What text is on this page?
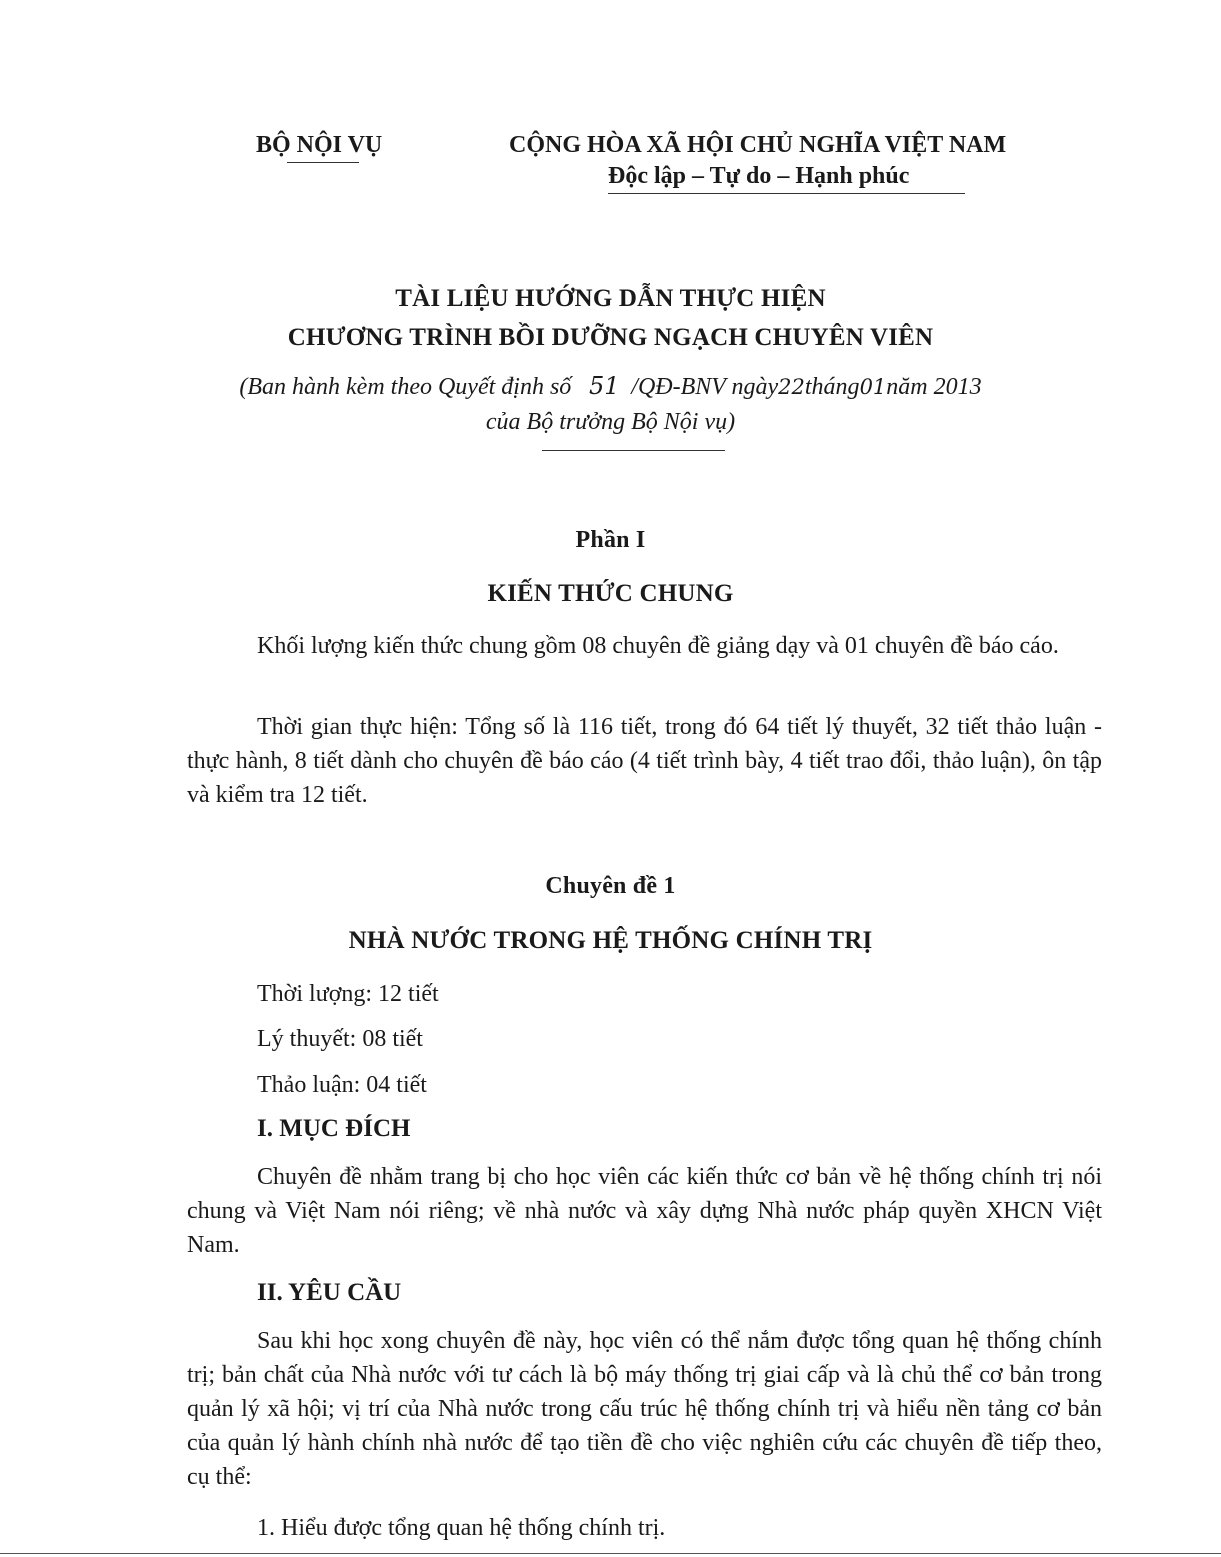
BỘ NỘI VỤ	CỘNG HÒA XÃ HỘI CHỦ NGHĨA VIỆT NAM
Độc lập – Tự do – Hạnh phúc
TÀI LIỆU HƯỚNG DẪN THỰC HIỆN
CHƯƠNG TRÌNH BỒI DƯỠNG NGẠCH CHUYÊN VIÊN
(Ban hành kèm theo Quyết định số 51 /QĐ-BNV ngày22tháng01năm 2013
của Bộ trưởng Bộ Nội vụ)
Phần I
KIẾN THỨC CHUNG
Khối lượng kiến thức chung gồm 08 chuyên đề giảng dạy và 01 chuyên đề báo cáo.
Thời gian thực hiện: Tổng số là 116 tiết, trong đó 64 tiết lý thuyết, 32 tiết thảo luận - thực hành, 8 tiết dành cho chuyên đề báo cáo (4 tiết trình bày, 4 tiết trao đổi, thảo luận), ôn tập và kiểm tra 12 tiết.
Chuyên đề 1
NHÀ NƯỚC TRONG HỆ THỐNG CHÍNH TRỊ
Thời lượng: 12 tiết
Lý thuyết: 08 tiết
Thảo luận: 04 tiết
I. MỤC ĐÍCH
Chuyên đề nhằm trang bị cho học viên các kiến thức cơ bản về hệ thống chính trị nói chung và Việt Nam nói riêng; về nhà nước và xây dựng Nhà nước pháp quyền XHCN Việt Nam.
II. YÊU CẦU
Sau khi học xong chuyên đề này, học viên có thể nắm được tổng quan hệ thống chính trị; bản chất của Nhà nước với tư cách là bộ máy thống trị giai cấp và là chủ thể cơ bản trong quản lý xã hội; vị trí của Nhà nước trong cấu trúc hệ thống chính trị và hiểu nền tảng cơ bản của quản lý hành chính nhà nước để tạo tiền đề cho việc nghiên cứu các chuyên đề tiếp theo, cụ thể:
1. Hiểu được tổng quan hệ thống chính trị.
